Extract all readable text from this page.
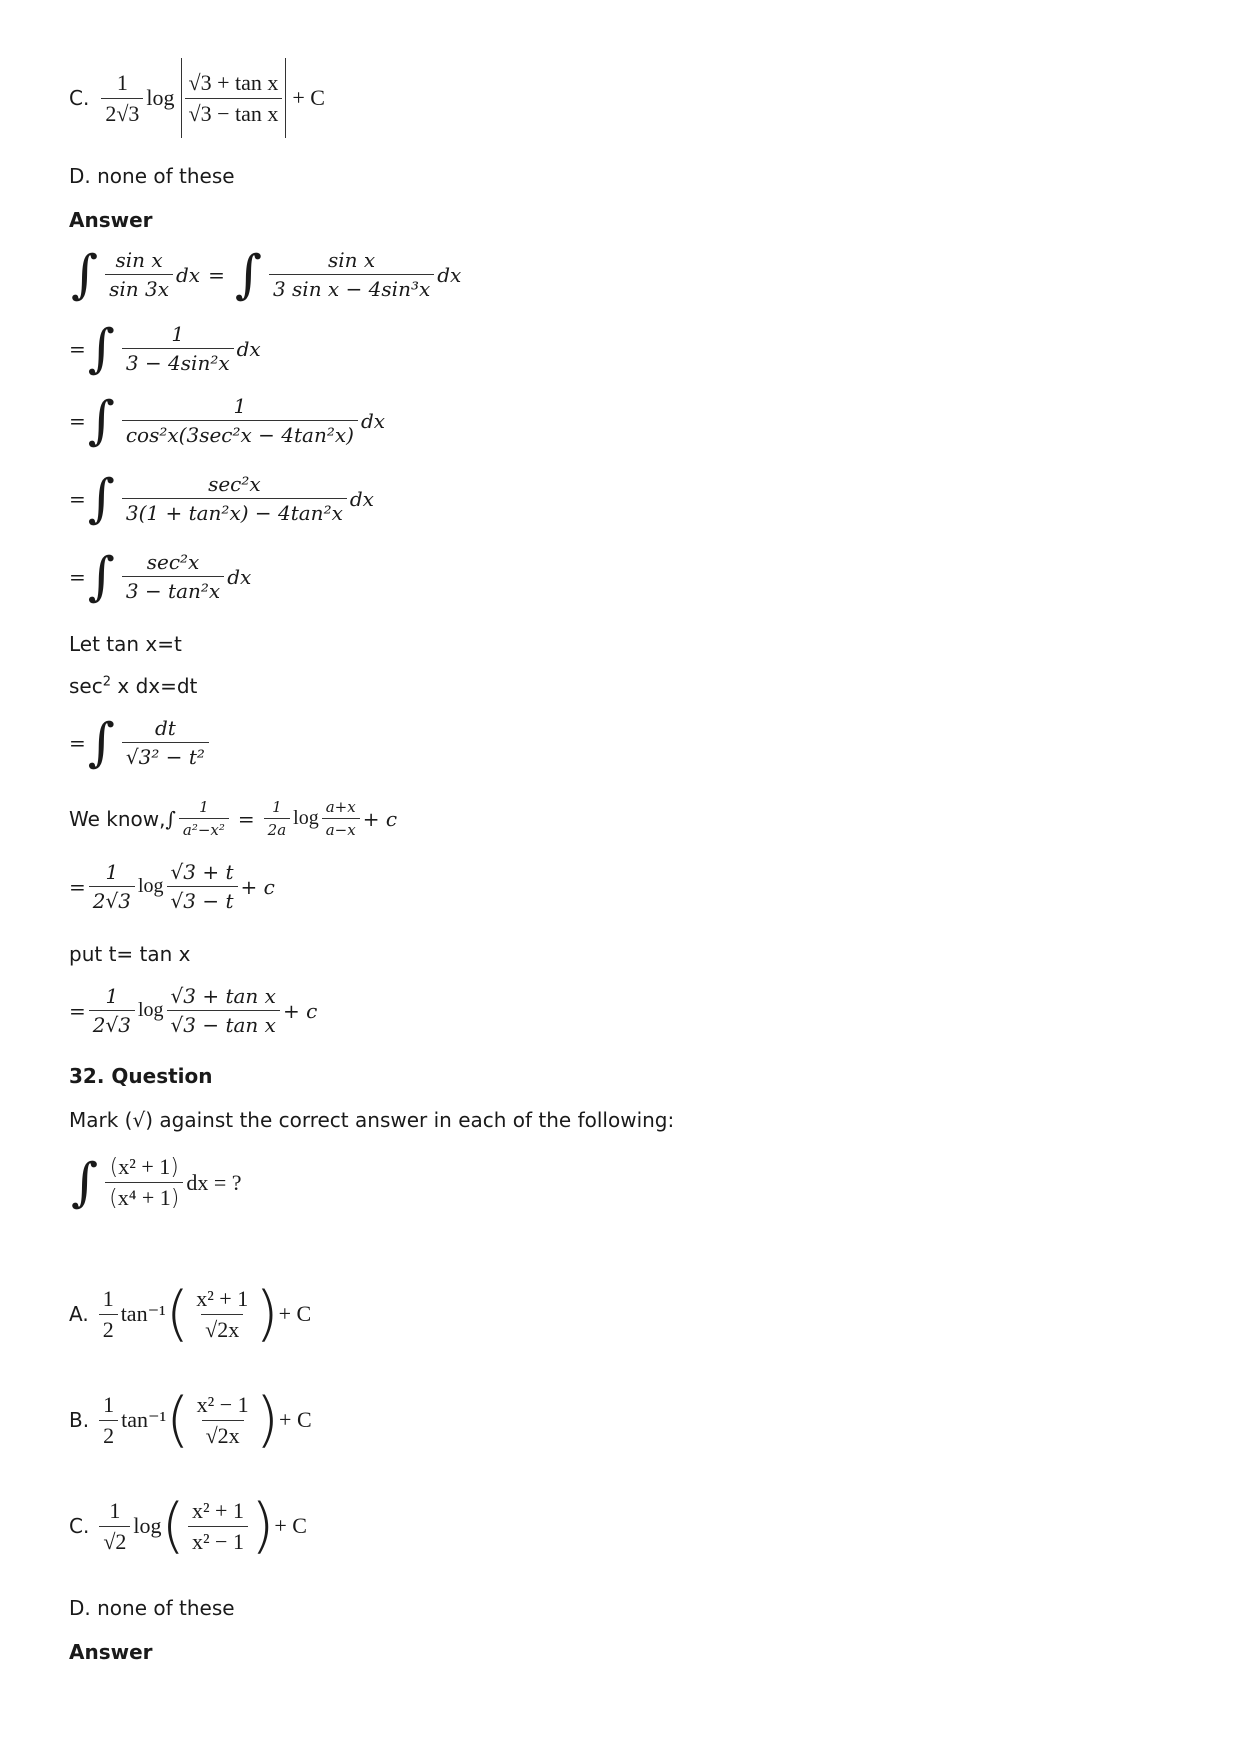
C.
1
2√3
log
√3 + tan x
√3 − tan x
+ C
D. none of these
Answer
∫ sin x
sin 3x
dx = ∫	sin x
3 sin x − 4sin³x
dx
= ∫	1
3 − 4sin²x
dx
= ∫	1
cos²x(3sec²x − 4tan²x)
dx
= ∫	sec²x
3(1 + tan²x) − 4tan²x
dx
= ∫ sec²x
3 − tan²x
dx
Let tan x=t
$\sec^2 x$ dx=dt
= ∫ dt
√3² − t²
We know, ∫ $\frac{1}{\text{a²−x²}} = \frac{1}{2a}$ log a+x
a−x + c
= $\frac{1}{2√3}$ log
√3 + t
√3 − t
+ c
put t= tan x
= $\frac{1}{2√3}$ log
√3 + tan x
√3 − tan x
+ c
32. Question
Mark (√) against the correct answer in each of the following:
∫ (x² + 1)
(x⁴ + 1)
dx = ?
A.
1
2
tan⁻¹ ( x² + 1
√2x ) + C
B.
1
2
tan⁻¹ ( x² − 1
√2x ) + C
C.
1
√2
log ( x² + 1
x² − 1 ) + C
D. none of these
Answer
